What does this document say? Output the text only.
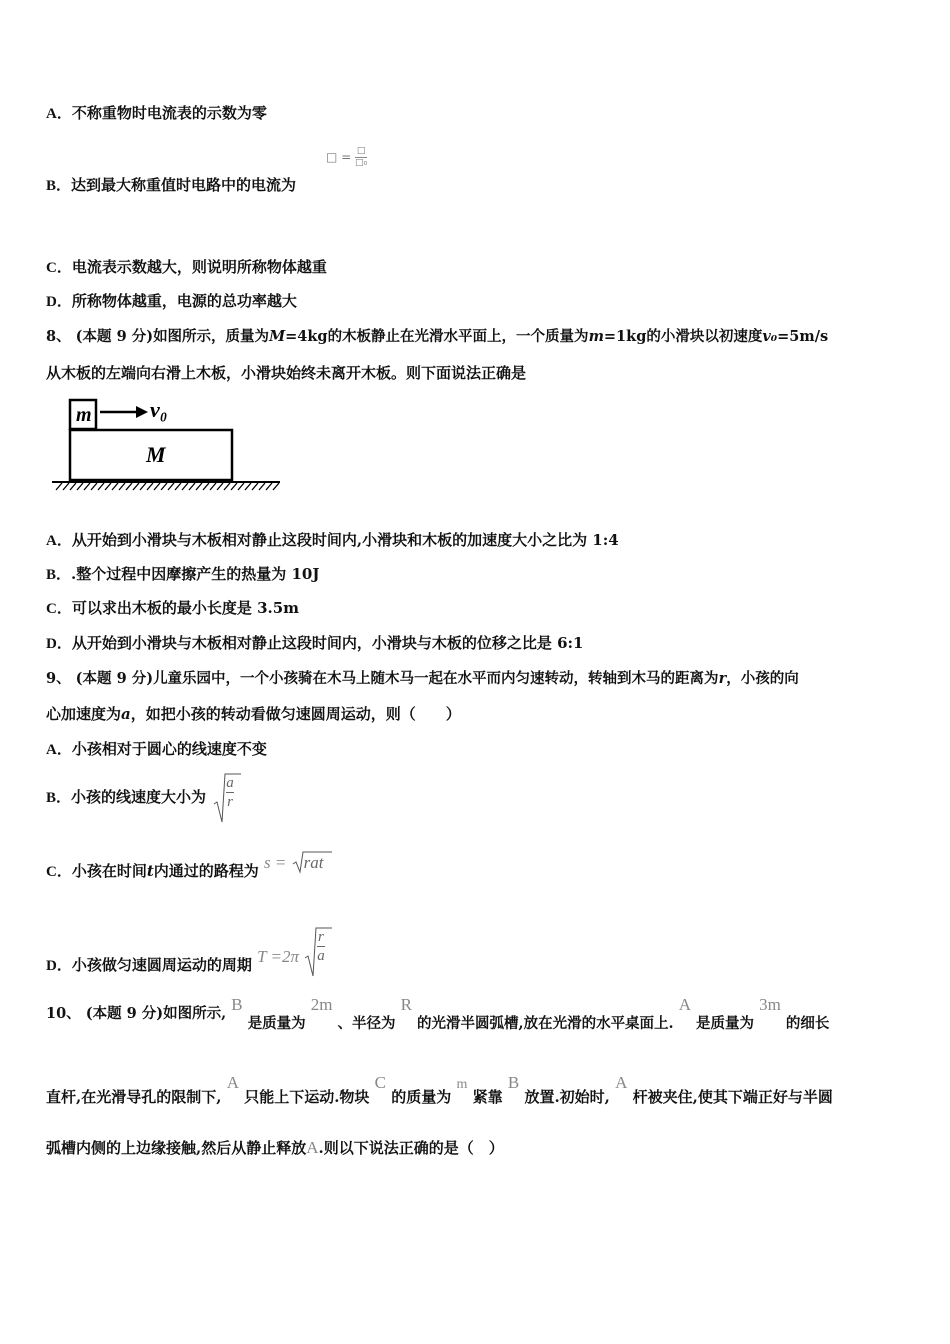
A．不称重物时电流表的示数为零
□ = $\frac{□}{\text{□₀}}$
B．达到最大称重值时电路中的电流为
C．电流表示数越大，则说明所称物体越重
D．所称物体越重，电源的总功率越大
8、 (本题 9 分)如图所示，质量为M=4kg的木板静止在光滑水平面上，一个质量为m=1kg的小滑块以初速度v₀=5m/s
从木板的左端向右滑上木板，小滑块始终未离开木板。则下面说法正确是
m	v₀
M
A．从开始到小滑块与木板相对静止这段时间内,小滑块和木板的加速度大小之比为 1:4
B．.整个过程中因摩擦产生的热量为 10J
C．可以求出木板的最小长度是 3.5m
D．从开始到小滑块与木板相对静止这段时间内，小滑块与木板的位移之比是 6:1
9、 (本题 9 分)儿童乐园中，一个小孩骑在木马上随木马一起在水平而内匀速转动，转轴到木马的距离为r，小孩的向
心加速度为a，如把小孩的转动看做匀速圆周运动，则（　　）
A．小孩相对于圆心的线速度不变
B．小孩的线速度大小为
a
r
C．小孩在时间t内通过的路程为 s = rat
D．小孩做匀速圆周运动的周期 T =2π
r
a
10、 (本题 9 分)如图所示, B 是质量为 2m 、半径为 R 的光滑半圆弧槽,放在光滑的水平桌面上. A 是质量为 3m 的细长
直杆,在光滑导孔的限制下, A 只能上下运动.物块 C 的质量为 m 紧靠 B 放置.初始时, A 杆被夹住,使其下端正好与半圆
弧槽内侧的上边缘接触,然后从静止释放A.则以下说法正确的是（　）
